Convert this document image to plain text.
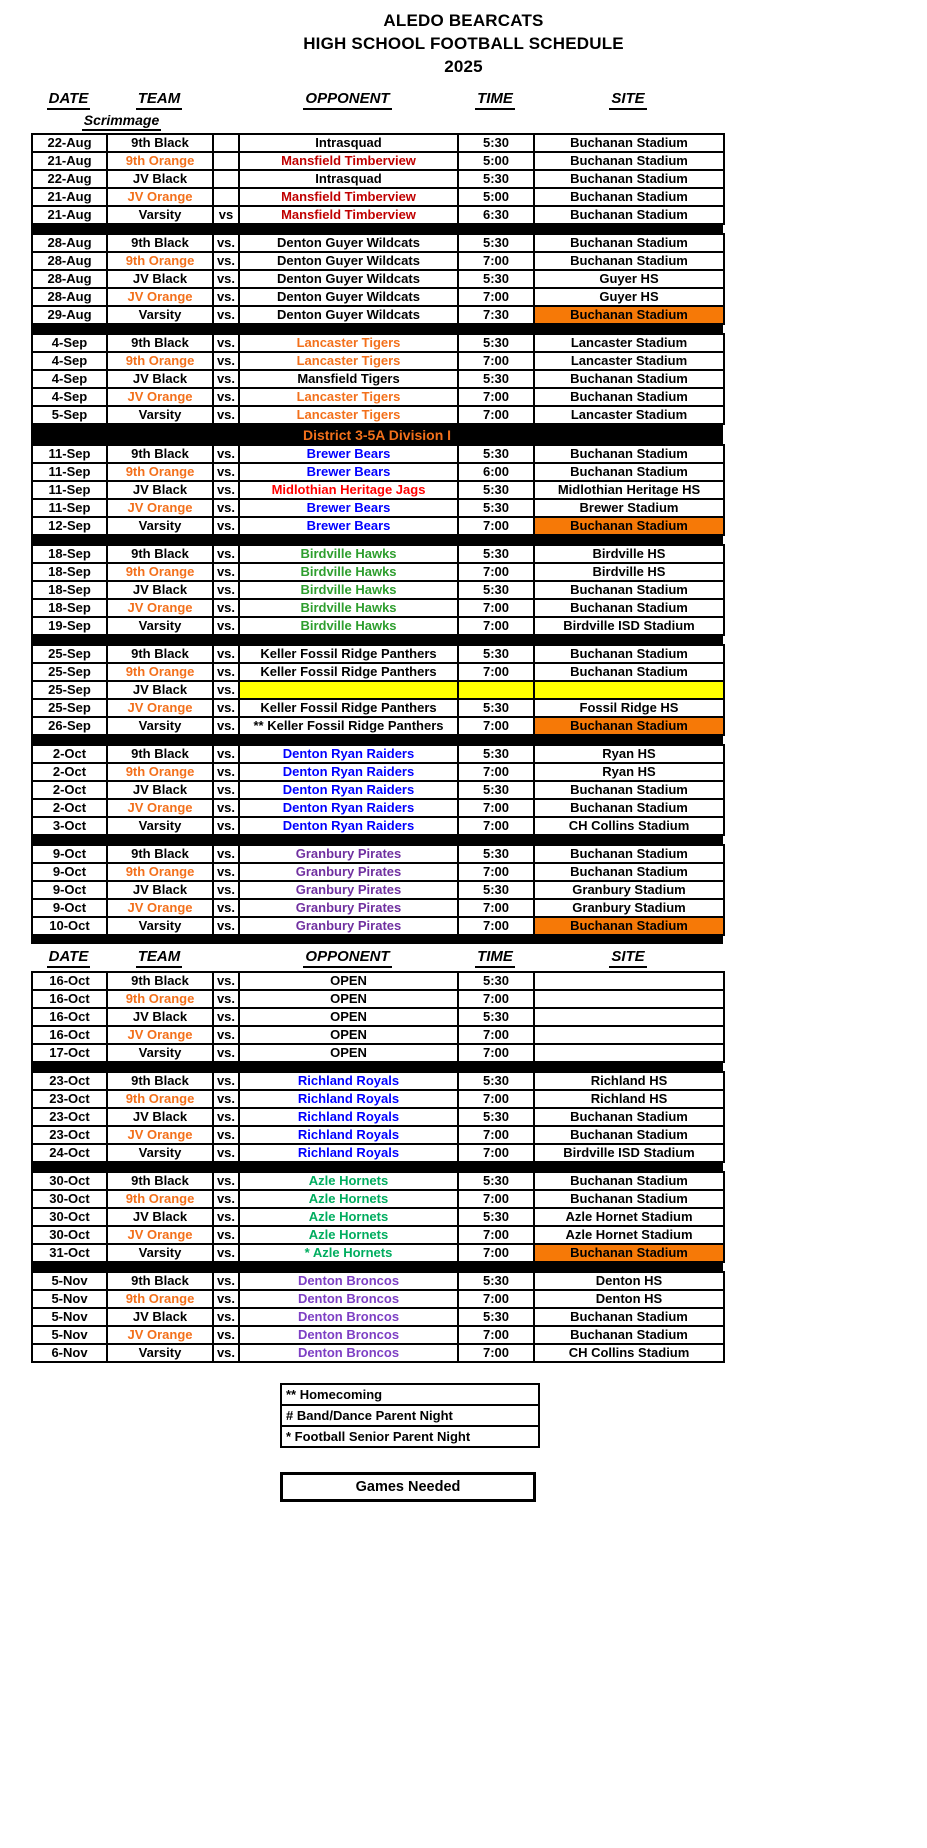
ALEDO BEARCATS
HIGH SCHOOL FOOTBALL SCHEDULE
2025
DATE	TEAM	OPPONENT	TIME	SITE
Scrimmage
22-Aug	9th Black		Intrasquad	5:30	Buchanan Stadium
21-Aug	9th Orange		Mansfield Timberview	5:00	Buchanan Stadium
22-Aug	JV Black		Intrasquad	5:30	Buchanan Stadium
21-Aug	JV Orange		Mansfield Timberview	5:00	Buchanan Stadium
21-Aug	Varsity	vs	Mansfield Timberview	6:30	Buchanan Stadium
28-Aug	9th Black	vs.	Denton Guyer Wildcats	5:30	Buchanan Stadium
28-Aug	9th Orange	vs.	Denton Guyer Wildcats	7:00	Buchanan Stadium
28-Aug	JV Black	vs.	Denton Guyer Wildcats	5:30	Guyer HS
28-Aug	JV Orange	vs.	Denton Guyer Wildcats	7:00	Guyer HS
29-Aug	Varsity	vs.	Denton Guyer Wildcats	7:30	Buchanan Stadium
4-Sep	9th Black	vs.	Lancaster Tigers	5:30	Lancaster Stadium
4-Sep	9th Orange	vs.	Lancaster Tigers	7:00	Lancaster Stadium
4-Sep	JV Black	vs.	Mansfield Tigers	5:30	Buchanan Stadium
4-Sep	JV Orange	vs.	Lancaster Tigers	7:00	Buchanan Stadium
5-Sep	Varsity	vs.	Lancaster Tigers	7:00	Lancaster Stadium
District 3-5A Division I
11-Sep	9th Black	vs.	Brewer Bears	5:30	Buchanan Stadium
11-Sep	9th Orange	vs.	Brewer Bears	6:00	Buchanan Stadium
11-Sep	JV Black	vs.	Midlothian Heritage Jags	5:30	Midlothian Heritage HS
11-Sep	JV Orange	vs.	Brewer Bears	5:30	Brewer Stadium
12-Sep	Varsity	vs.	Brewer Bears	7:00	Buchanan Stadium
18-Sep	9th Black	vs.	Birdville Hawks	5:30	Birdville HS
18-Sep	9th Orange	vs.	Birdville Hawks	7:00	Birdville HS
18-Sep	JV Black	vs.	Birdville Hawks	5:30	Buchanan Stadium
18-Sep	JV Orange	vs.	Birdville Hawks	7:00	Buchanan Stadium
19-Sep	Varsity	vs.	Birdville Hawks	7:00	Birdville ISD Stadium
25-Sep	9th Black	vs.	Keller Fossil Ridge Panthers	5:30	Buchanan Stadium
25-Sep	9th Orange	vs.	Keller Fossil Ridge Panthers	7:00	Buchanan Stadium
25-Sep	JV Black	vs.			
25-Sep	JV Orange	vs.	Keller Fossil Ridge Panthers	5:30	Fossil Ridge HS
26-Sep	Varsity	vs.	** Keller Fossil Ridge Panthers	7:00	Buchanan Stadium
2-Oct	9th Black	vs.	Denton Ryan Raiders	5:30	Ryan HS
2-Oct	9th Orange	vs.	Denton Ryan Raiders	7:00	Ryan HS
2-Oct	JV Black	vs.	Denton Ryan Raiders	5:30	Buchanan Stadium
2-Oct	JV Orange	vs.	Denton Ryan Raiders	7:00	Buchanan Stadium
3-Oct	Varsity	vs.	Denton Ryan Raiders	7:00	CH Collins Stadium
9-Oct	9th Black	vs.	Granbury Pirates	5:30	Buchanan Stadium
9-Oct	9th Orange	vs.	Granbury Pirates	7:00	Buchanan Stadium
9-Oct	JV Black	vs.	Granbury Pirates	5:30	Granbury Stadium
9-Oct	JV Orange	vs.	Granbury Pirates	7:00	Granbury Stadium
10-Oct	Varsity	vs.	Granbury Pirates	7:00	Buchanan Stadium
DATE	TEAM	OPPONENT	TIME	SITE
16-Oct	9th Black	vs.	OPEN	5:30	
16-Oct	9th Orange	vs.	OPEN	7:00	
16-Oct	JV Black	vs.	OPEN	5:30	
16-Oct	JV Orange	vs.	OPEN	7:00	
17-Oct	Varsity	vs.	OPEN	7:00	
23-Oct	9th Black	vs.	Richland Royals	5:30	Richland HS
23-Oct	9th Orange	vs.	Richland Royals	7:00	Richland HS
23-Oct	JV Black	vs.	Richland Royals	5:30	Buchanan Stadium
23-Oct	JV Orange	vs.	Richland Royals	7:00	Buchanan Stadium
24-Oct	Varsity	vs.	Richland Royals	7:00	Birdville ISD Stadium
30-Oct	9th Black	vs.	Azle Hornets	5:30	Buchanan Stadium
30-Oct	9th Orange	vs.	Azle Hornets	7:00	Buchanan Stadium
30-Oct	JV Black	vs.	Azle Hornets	5:30	Azle Hornet Stadium
30-Oct	JV Orange	vs.	Azle Hornets	7:00	Azle Hornet Stadium
31-Oct	Varsity	vs.	* Azle Hornets	7:00	Buchanan Stadium
5-Nov	9th Black	vs.	Denton Broncos	5:30	Denton HS
5-Nov	9th Orange	vs.	Denton Broncos	7:00	Denton HS
5-Nov	JV Black	vs.	Denton Broncos	5:30	Buchanan Stadium
5-Nov	JV Orange	vs.	Denton Broncos	7:00	Buchanan Stadium
6-Nov	Varsity	vs.	Denton Broncos	7:00	CH Collins Stadium
** Homecoming
# Band/Dance Parent Night
* Football Senior Parent Night
Games Needed
